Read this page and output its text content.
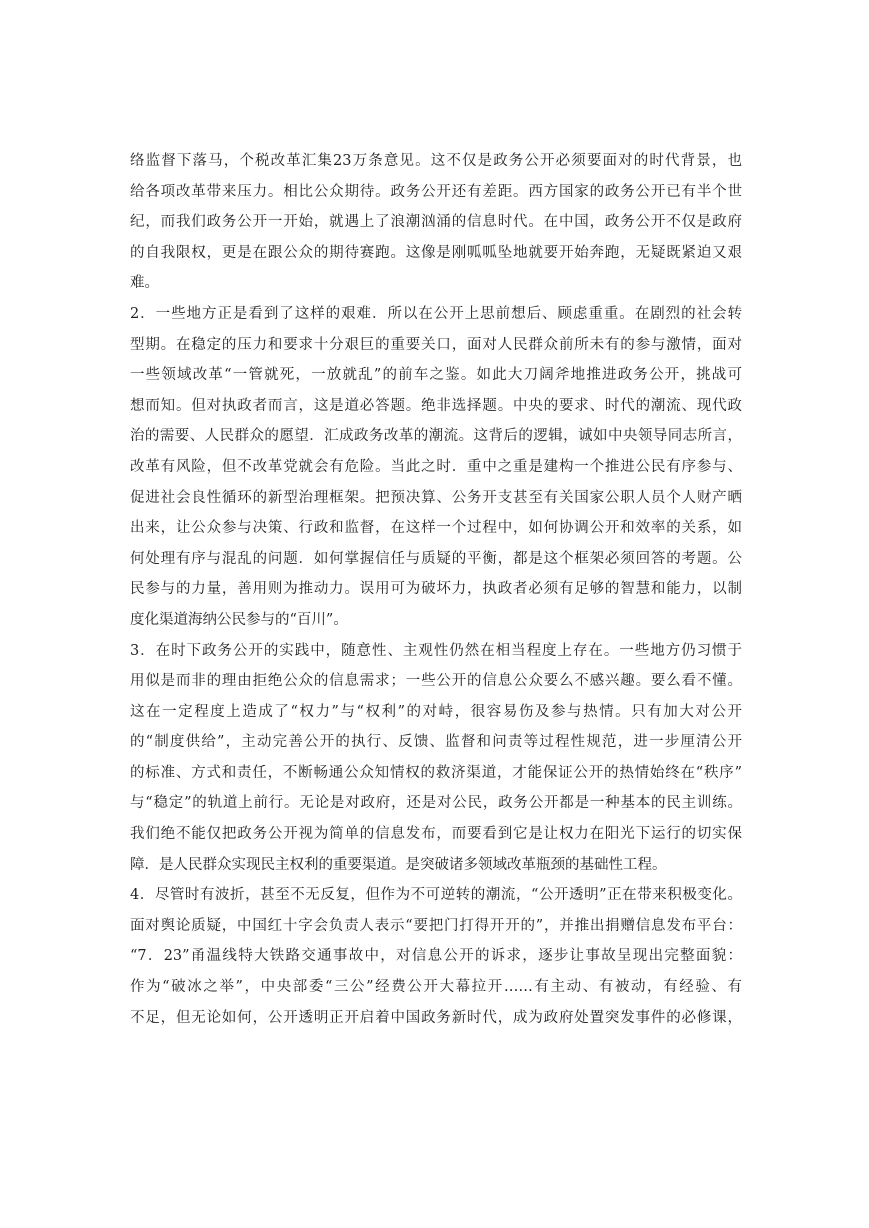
络监督下落马，个税改革汇集23万条意见。这不仅是政务公开必须要面对的时代背景，也
给各项改革带来压力。相比公众期待。政务公开还有差距。西方国家的政务公开已有半个世
纪，而我们政务公开一开始，就遇上了浪潮汹涌的信息时代。在中国，政务公开不仅是政府
的自我限权，更是在跟公众的期待赛跑。这像是刚呱呱坠地就要开始奔跑，无疑既紧迫又艰
难。
2．一些地方正是看到了这样的艰难．所以在公开上思前想后、顾虑重重。在剧烈的社会转
型期。在稳定的压力和要求十分艰巨的重要关口，面对人民群众前所未有的参与激情，面对
一些领域改革“一管就死，一放就乱”的前车之鉴。如此大刀阔斧地推进政务公开，挑战可
想而知。但对执政者而言，这是道必答题。绝非选择题。中央的要求、时代的潮流、现代政
治的需要、人民群众的愿望．汇成政务改革的潮流。这背后的逻辑，诚如中央领导同志所言，
改革有风险，但不改革党就会有危险。当此之时．重中之重是建构一个推进公民有序参与、
促进社会良性循环的新型治理框架。把预决算、公务开支甚至有关国家公职人员个人财产晒
出来，让公众参与决策、行政和监督，在这样一个过程中，如何协调公开和效率的关系，如
何处理有序与混乱的问题．如何掌握信任与质疑的平衡，都是这个框架必须回答的考题。公
民参与的力量，善用则为推动力。误用可为破坏力，执政者必须有足够的智慧和能力，以制
度化渠道海纳公民参与的“百川”。
3．在时下政务公开的实践中，随意性、主观性仍然在相当程度上存在。一些地方仍习惯于
用似是而非的理由拒绝公众的信息需求；一些公开的信息公众要么不感兴趣。要么看不懂。
这在一定程度上造成了“权力”与“权利”的对峙，很容易伤及参与热情。只有加大对公开
的“制度供给”，主动完善公开的执行、反馈、监督和问责等过程性规范，进一步厘清公开
的标准、方式和责任，不断畅通公众知情权的救济渠道，才能保证公开的热情始终在“秩序”
与“稳定”的轨道上前行。无论是对政府，还是对公民，政务公开都是一种基本的民主训练。
我们绝不能仅把政务公开视为简单的信息发布，而要看到它是让权力在阳光下运行的切实保
障．是人民群众实现民主权利的重要渠道。是突破诸多领域改革瓶颈的基础性工程。
4．尽管时有波折，甚至不无反复，但作为不可逆转的潮流，“公开透明”正在带来积极变化。
面对舆论质疑，中国红十字会负责人表示“要把门打得开开的”，并推出捐赠信息发布平台：
“7．23”甬温线特大铁路交通事故中，对信息公开的诉求，逐步让事故呈现出完整面貌：
作为“破冰之举”，中央部委“三公”经费公开大幕拉开……有主动、有被动，有经验、有
不足，但无论如何，公开透明正开启着中国政务新时代，成为政府处置突发事件的必修课，
